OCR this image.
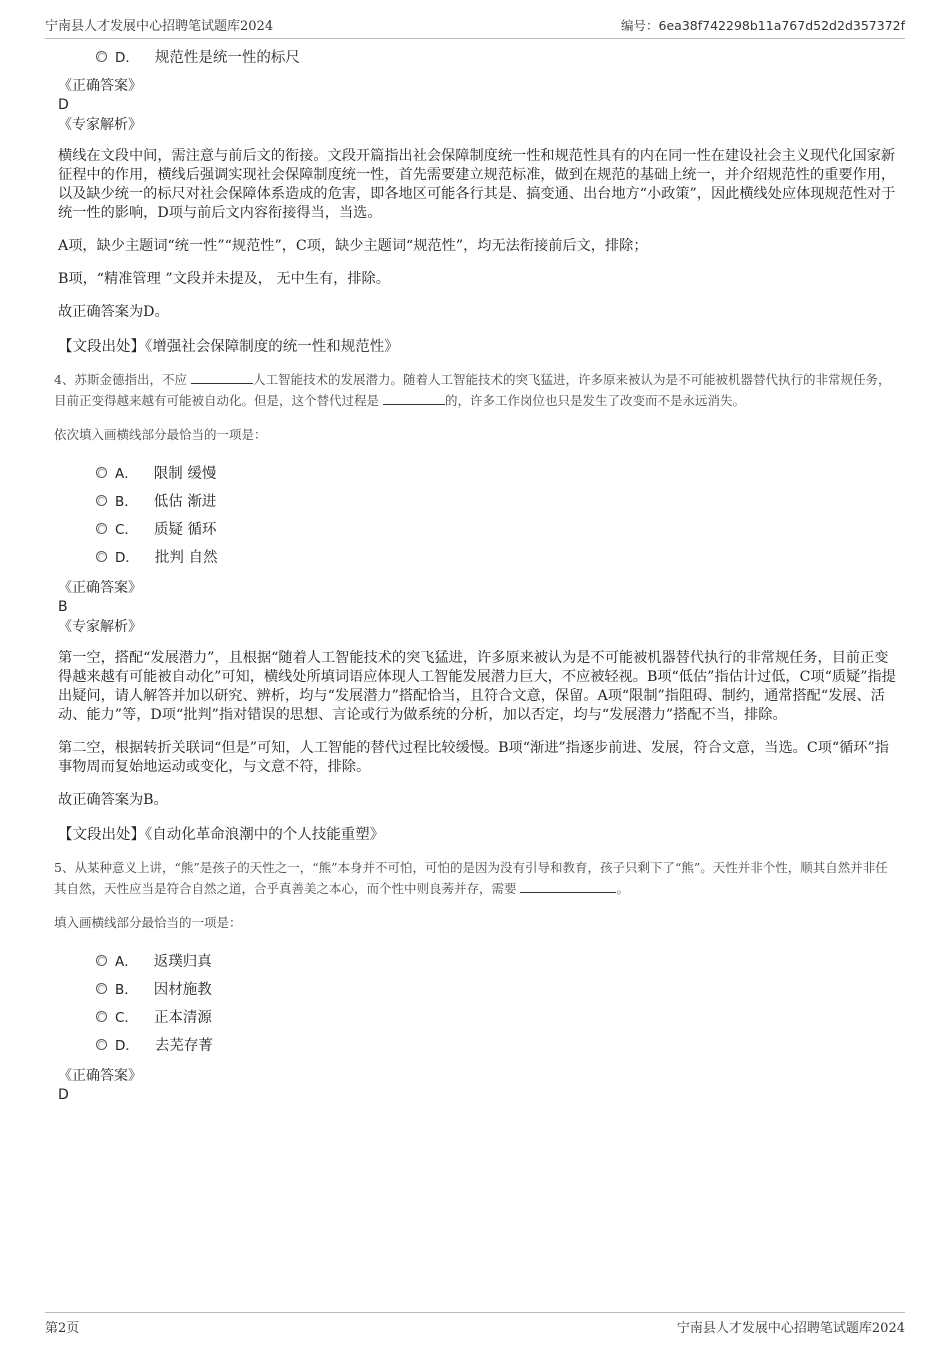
宁南县人才发展中心招聘笔试题库2024	编号：6ea38f742298b11a767d52d2d357372f
D． 规范性是统一性的标尺
《正确答案》
D
《专家解析》

横线在文段中间，需注意与前后文的衔接。文段开篇指出社会保障制度统一性和规范性具有的内在同一性在建设社会主义现代化国家新征程中的作用，横线后强调实现社会保障制度统一性，首先需要建立规范标准，做到在规范的基础上统一，并介绍规范性的重要作用，以及缺少统一的标尺对社会保障体系造成的危害，即各地区可能各行其是、搞变通、出台地方“小政策”，因此横线处应体现规范性对于统一性的影响，D项与前后文内容衔接得当，当选。

A项，缺少主题词“统一性”“规范性”，C项，缺少主题词“规范性”，均无法衔接前后文，排除；

B项，“精准管理 ”文段并未提及， 无中生有，排除。

故正确答案为D。

【文段出处】《增强社会保障制度的统一性和规范性》
4、苏斯金德指出，不应	人工智能技术的发展潜力。随着人工智能技术的突飞猛进，许多原来被认为是不可能被机器替代执行的非常规任务，目前正变得越来越有可能被自动化。但是，这个替代过程是	的，许多工作岗位也只是发生了改变而不是永远消失。
依次填入画横线部分最恰当的一项是：
A． 限制 缓慢
B． 低估 渐进
C． 质疑 循环
D． 批判 自然
《正确答案》
B
《专家解析》

第一空，搭配“发展潜力”，且根据“随着人工智能技术的突飞猛进，许多原来被认为是不可能被机器替代执行的非常规任务，目前正变得越来越有可能被自动化”可知，横线处所填词语应体现人工智能发展潜力巨大，不应被轻视。B项“低估”指估计过低，C项“质疑”指提出疑问，请人解答并加以研究、辨析，均与“发展潜力”搭配恰当，且符合文意，保留。A项“限制”指阻碍、制约，通常搭配“发展、活动、能力”等，D项“批判”指对错误的思想、言论或行为做系统的分析，加以否定，均与“发展潜力”搭配不当，排除。

第二空，根据转折关联词“但是”可知，人工智能的替代过程比较缓慢。B项“渐进”指逐步前进、发展，符合文意，当选。C项“循环”指事物周而复始地运动或变化，与文意不符，排除。

故正确答案为B。

【文段出处】《自动化革命浪潮中的个人技能重塑》
5、从某种意义上讲，“熊”是孩子的天性之一，“熊”本身并不可怕，可怕的是因为没有引导和教育，孩子只剩下了“熊”。天性并非个性，顺其自然并非任其自然，天性应当是符合自然之道，合乎真善美之本心，而个性中则良莠并存，需要	。
填入画横线部分最恰当的一项是：
A． 返璞归真
B． 因材施教
C． 正本清源
D． 去芜存菁
《正确答案》
D
第2页	宁南县人才发展中心招聘笔试题库2024
